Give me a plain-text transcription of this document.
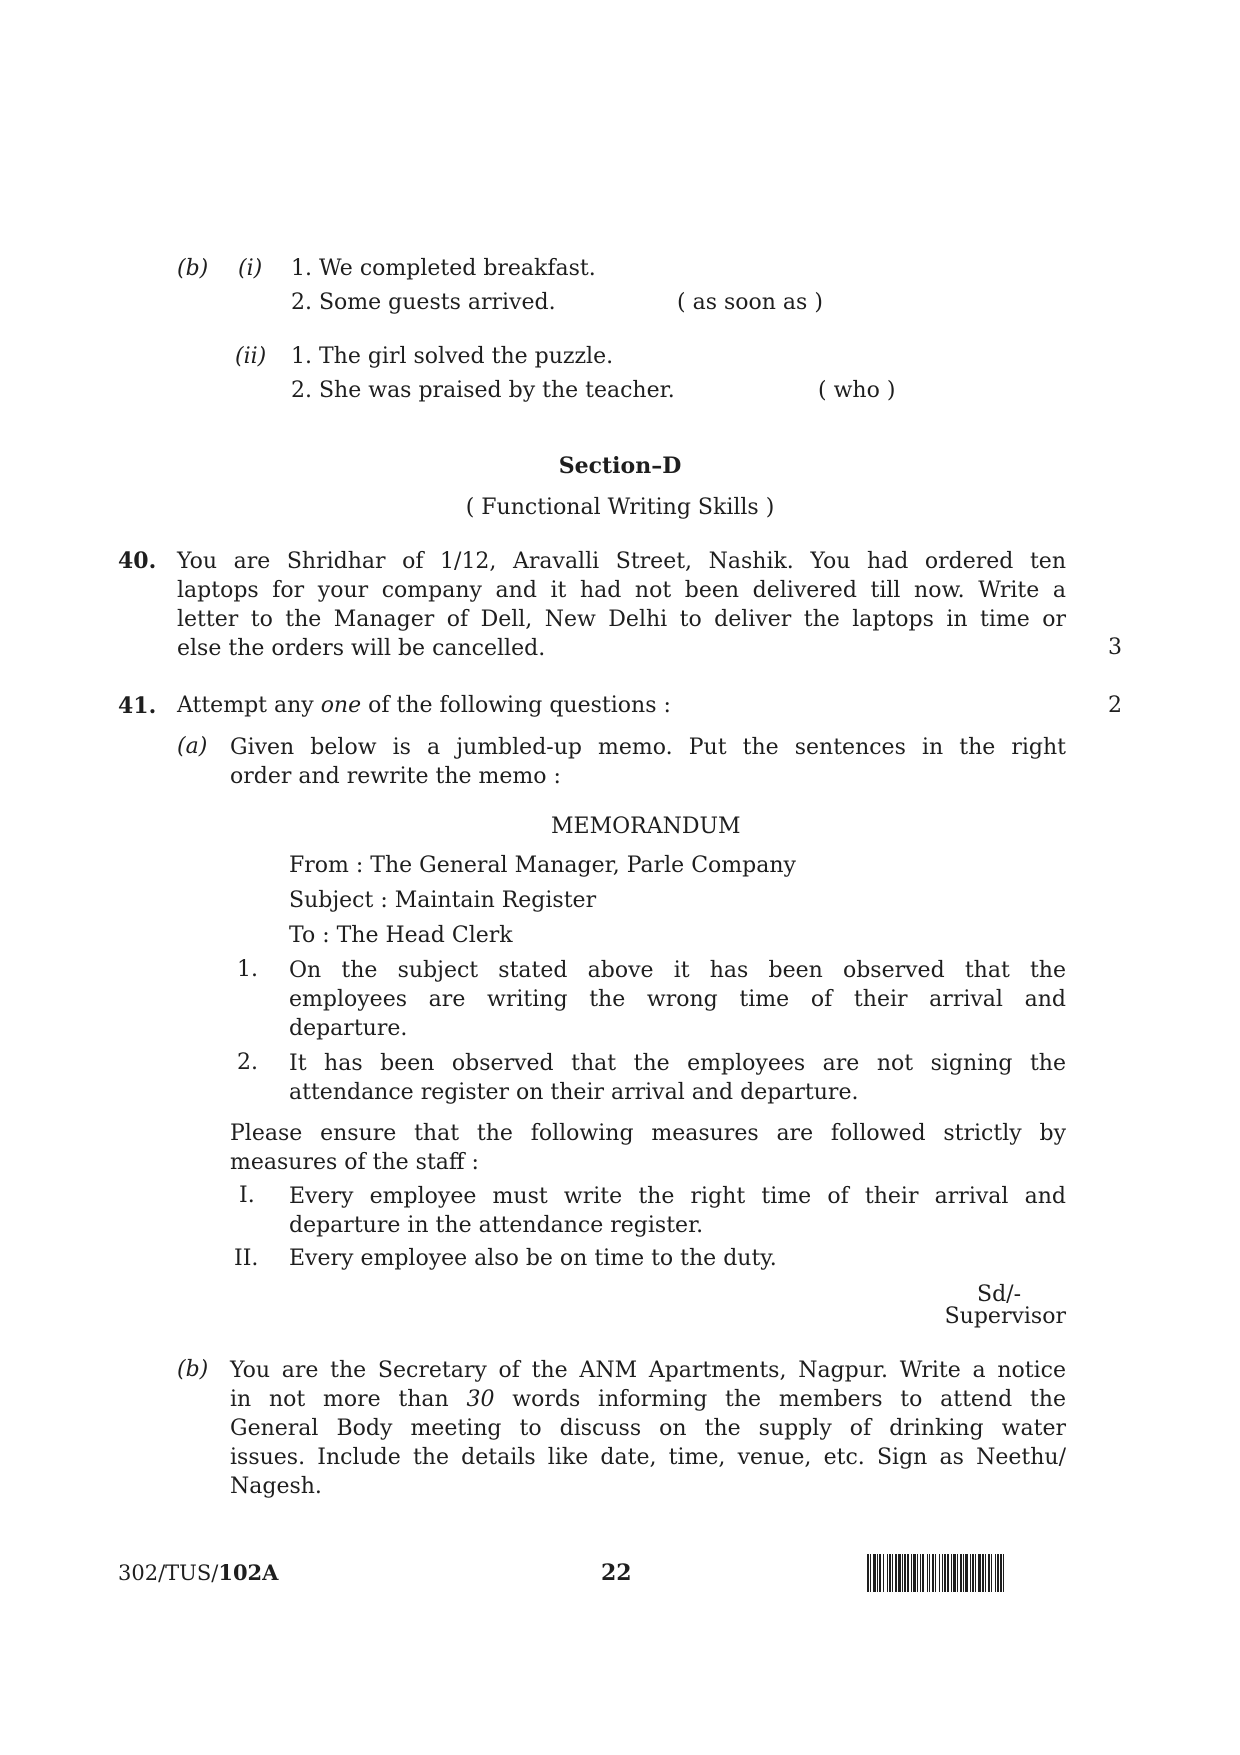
(b) (i) 1. We completed breakfast.
2. Some guests arrived.	( as soon as )
(ii) 1. The girl solved the puzzle.
2. She was praised by the teacher.	( who )
Section–D
( Functional Writing Skills )
40. You are Shridhar of 1/12, Aravalli Street, Nashik. You had ordered ten
laptops for your company and it had not been delivered till now. Write a
letter to the Manager of Dell, New Delhi to deliver the laptops in time or
else the orders will be cancelled.	3
41. Attempt any one of the following questions :	2
(a) Given below is a jumbled-up memo. Put the sentences in the right
order and rewrite the memo :
MEMORANDUM
From : The General Manager, Parle Company
Subject : Maintain Register
To : The Head Clerk
1. On the subject stated above it has been observed that the
employees are writing the wrong time of their arrival and
departure.
2. It has been observed that the employees are not signing the
attendance register on their arrival and departure.
Please ensure that the following measures are followed strictly by
measures of the staff :
I. Every employee must write the right time of their arrival and
departure in the attendance register.
II. Every employee also be on time to the duty.
Sd/-
Supervisor
(b) You are the Secretary of the ANM Apartments, Nagpur. Write a notice
in not more than 30 words informing the members to attend the
General Body meeting to discuss on the supply of drinking water
issues. Include the details like date, time, venue, etc. Sign as Neethu/
Nagesh.
302/TUS/102A	22
